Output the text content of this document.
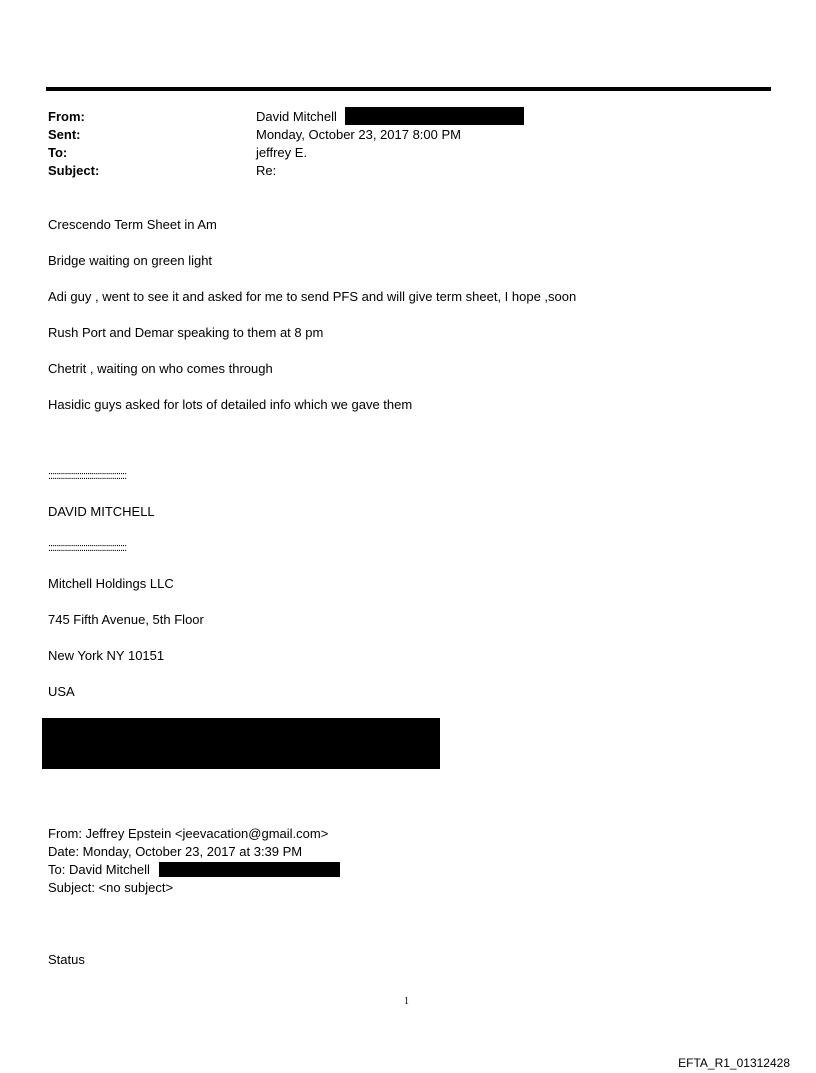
From:	David Mitchell
Sent:	Monday, October 23, 2017 8:00 PM
To:	jeffrey E.
Subject:	Re:
Crescendo Term Sheet in Am
Bridge waiting on green light
Adi guy , went to see it and asked for me to send PFS and will give term sheet, I hope ,soon
Rush Port and Demar speaking to them at 8 pm
Chetrit , waiting on who comes through
Hasidic guys asked for lots of detailed info which we gave them
::::::::::::::::::::::::::::::::::::::
DAVID MITCHELL
::::::::::::::::::::::::::::::::::::::
Mitchell Holdings LLC
745 Fifth Avenue, 5th Floor
New York NY 10151
USA
From: Jeffrey Epstein <jeevacation@gmail.com>
Date: Monday, October 23, 2017 at 3:39 PM
To: David Mitchell
Subject: <no subject>
Status
1
EFTA_R1_01312428
